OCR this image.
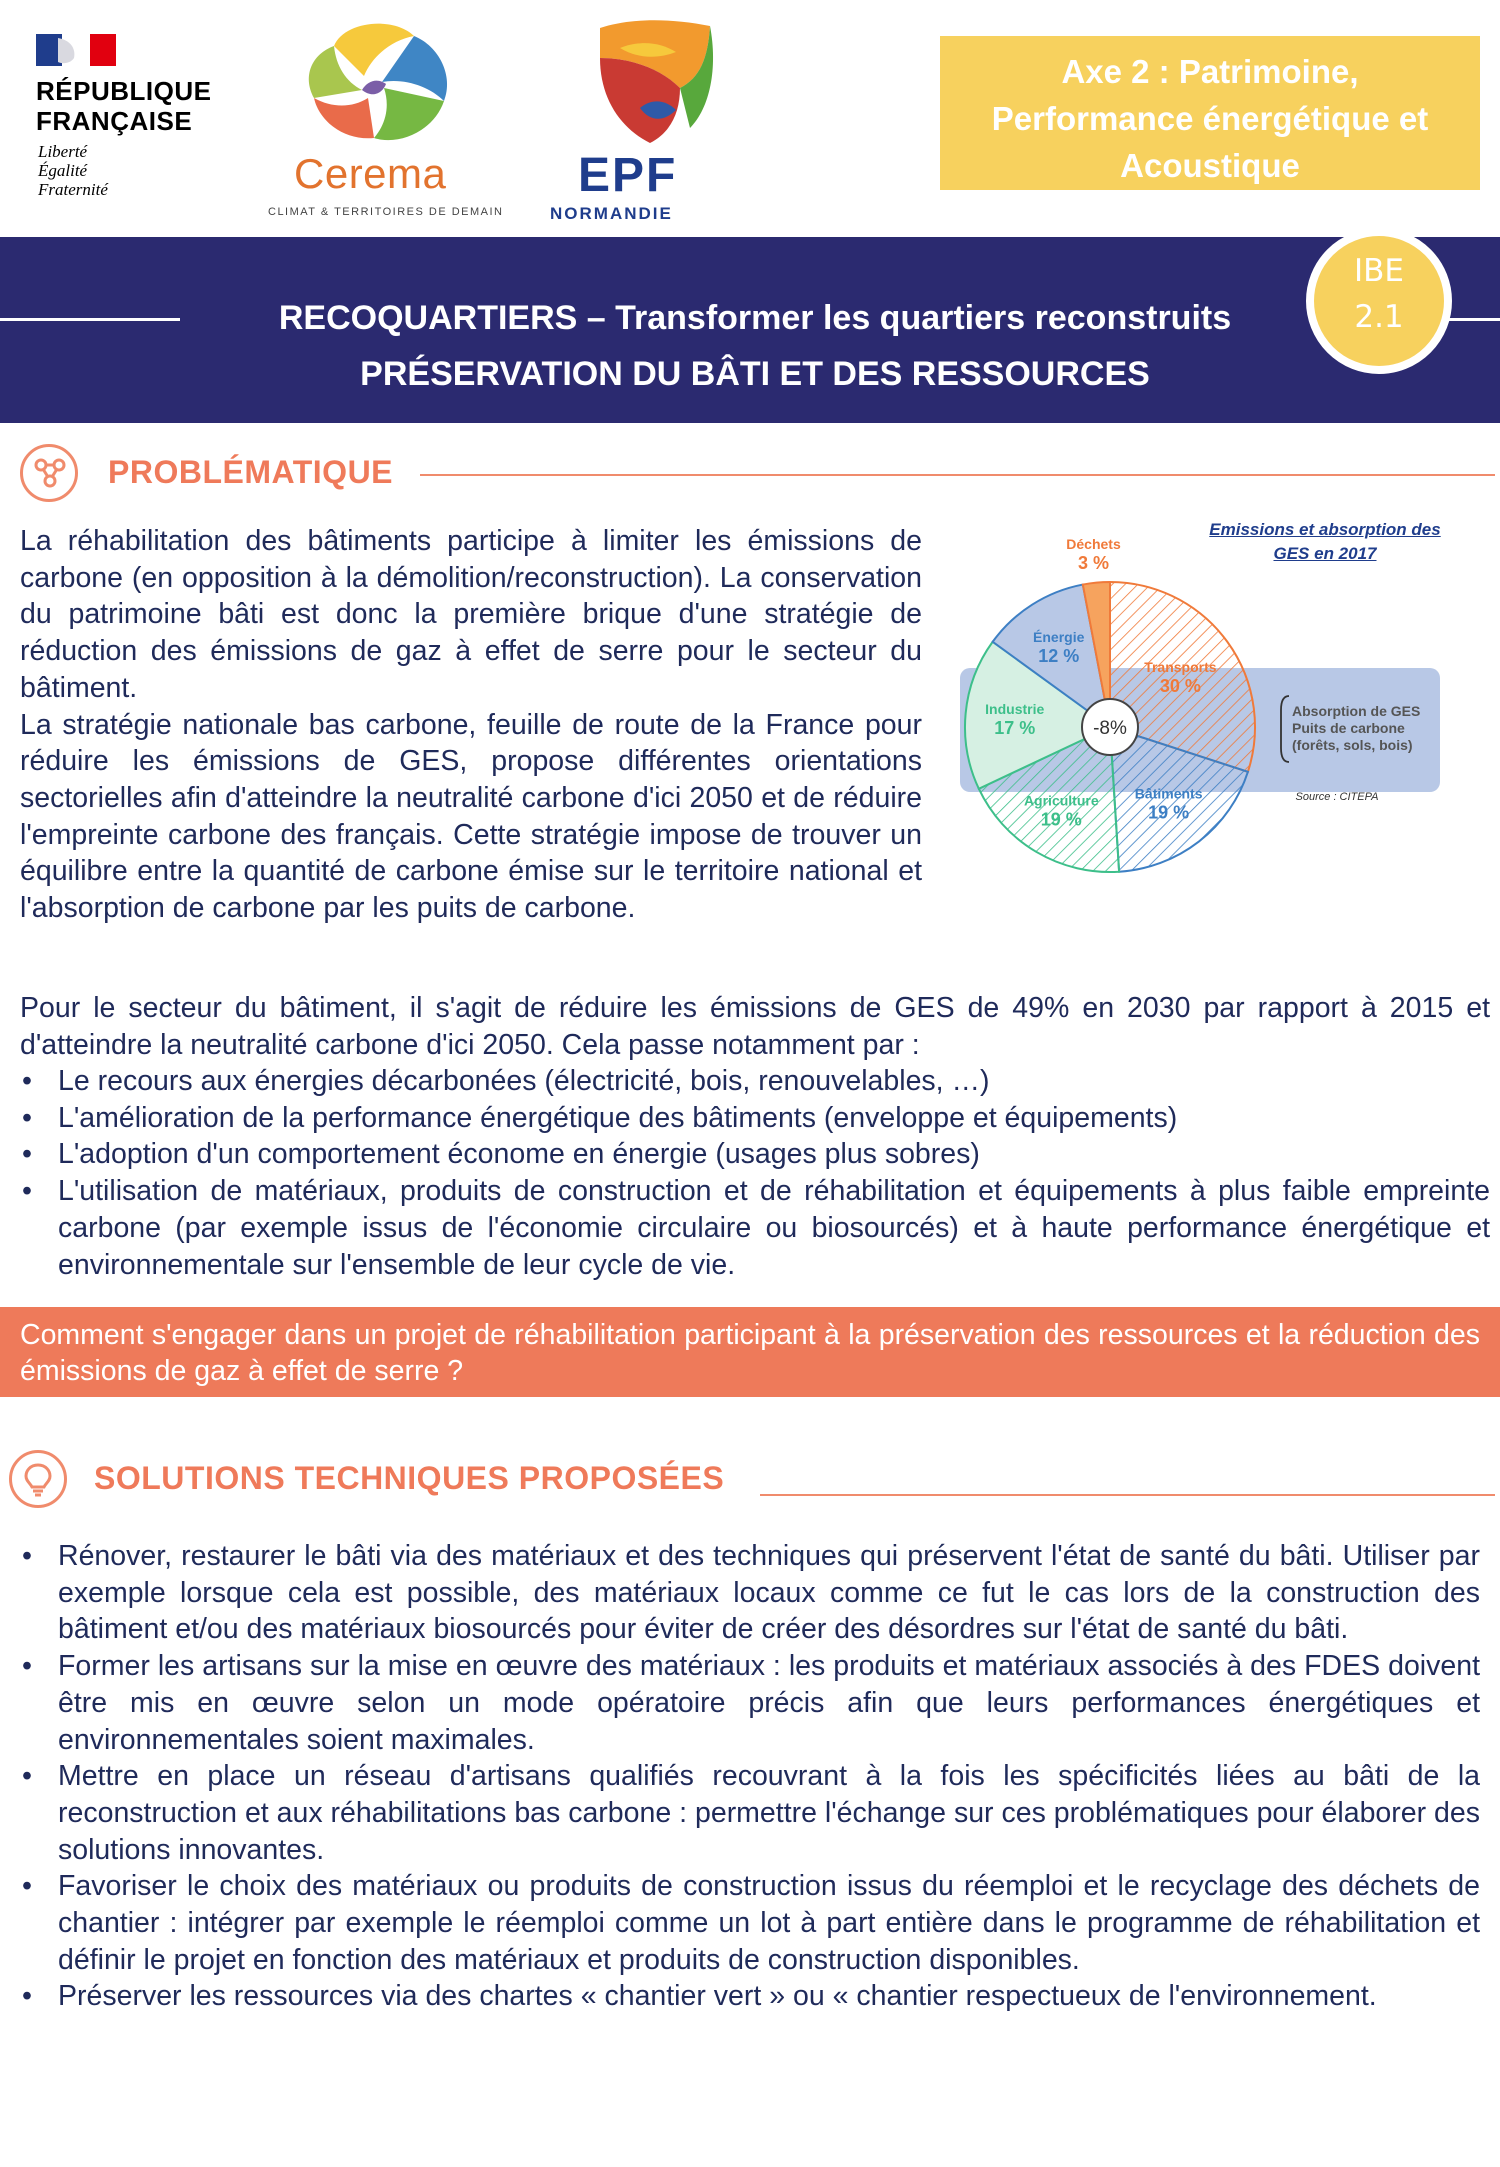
RÉPUBLIQUE
FRANÇAISE
Liberté
Égalité
Fraternité	Cerema
CLIMAT & TERRITOIRES DE DEMAIN
EPF
NORMANDIE
Axe 2 : Patrimoine,
Performance énergétique et
Acoustique
RECOQUARTIERS – Transformer les quartiers reconstruits
PRÉSERVATION DU BÂTI ET DES RESSOURCES
IBE
2.1
PROBLÉMATIQUE

La réhabilitation des bâtiments participe à limiter les émissions de carbone (en opposition à la démolition/reconstruction). La conservation du patrimoine bâti est donc la première brique d'une stratégie de réduction des émissions de gaz à effet de serre pour le secteur du bâtiment.

La stratégie nationale bas carbone, feuille de route de la France pour réduire les émissions de GES, propose différentes orientations sectorielles afin d'atteindre la neutralité carbone d'ici 2050 et de réduire l'empreinte carbone des français. Cette stratégie impose de trouver un équilibre entre la quantité de carbone émise sur le territoire national et l'absorption de carbone par les puits de carbone.

Emissions et absorption des
GES en 2017
-8%
Absorption de GES Puits de carbone (forêts, sols, bois)
Source : CITEPA
Transports
30 %
Bâtiments
19 %
Agriculture
19 %
Industrie
17 %
Énergie
12 %
Déchets
3 %
Pour le secteur du bâtiment, il s'agit de réduire les émissions de GES de 49% en 2030 par rapport à 2015 et d'atteindre la neutralité carbone d'ici 2050. Cela passe notamment par :
• Le recours aux énergies décarbonées (électricité, bois, renouvelables, …)
• L'amélioration de la performance énergétique des bâtiments (enveloppe et équipements)
• L'adoption d'un comportement économe en énergie (usages plus sobres)
• L'utilisation de matériaux, produits de construction et de réhabilitation et équipements à plus faible empreinte carbone (par exemple issus de l'économie circulaire ou biosourcés) et à haute performance énergétique et environnementale sur l'ensemble de leur cycle de vie.
Comment s'engager dans un projet de réhabilitation participant à la préservation des ressources et la réduction des émissions de gaz à effet de serre ?
SOLUTIONS TECHNIQUES PROPOSÉES
• Rénover, restaurer le bâti via des matériaux et des techniques qui préservent l'état de santé du bâti. Utiliser par exemple lorsque cela est possible, des matériaux locaux comme ce fut le cas lors de la construction des bâtiment et/ou des matériaux biosourcés pour éviter de créer des désordres sur l'état de santé du bâti.
• Former les artisans sur la mise en œuvre des matériaux : les produits et matériaux associés à des FDES doivent être mis en œuvre selon un mode opératoire précis afin que leurs performances énergétiques et environnementales soient maximales.
• Mettre en place un réseau d'artisans qualifiés recouvrant à la fois les spécificités liées au bâti de la reconstruction et aux réhabilitations bas carbone : permettre l'échange sur ces problématiques pour élaborer des solutions innovantes.
• Favoriser le choix des matériaux ou produits de construction issus du réemploi et le recyclage des déchets de chantier : intégrer par exemple le réemploi comme un lot à part entière dans le programme de réhabilitation et définir le projet en fonction des matériaux et produits de construction disponibles.
• Préserver les ressources via des chartes « chantier vert » ou « chantier respectueux de l'environnement.
